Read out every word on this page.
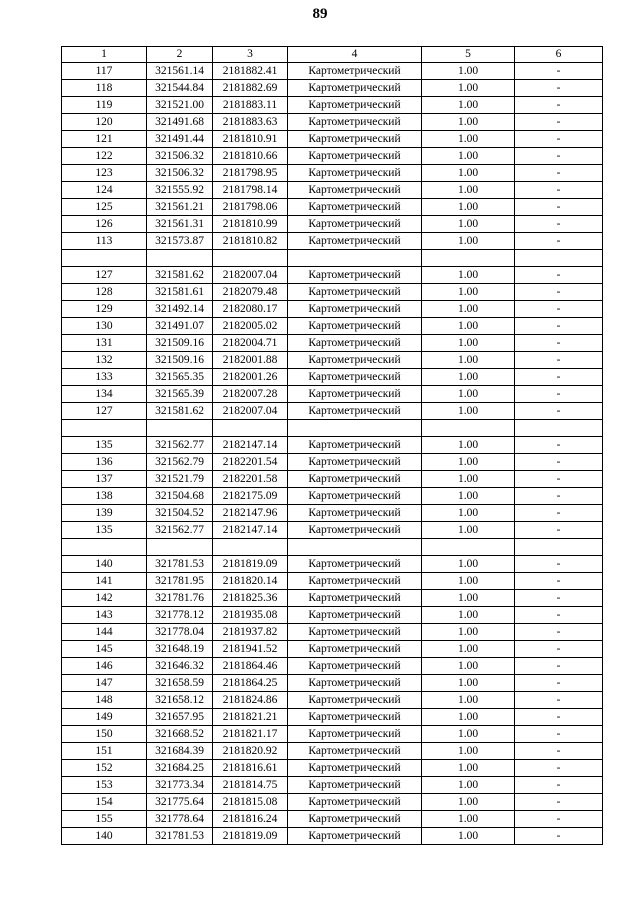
89
1	2	3	4	5	6
117	321561.14	2181882.41	Картометрический	1.00	-
118	321544.84	2181882.69	Картометрический	1.00	-
119	321521.00	2181883.11	Картометрический	1.00	-
120	321491.68	2181883.63	Картометрический	1.00	-
121	321491.44	2181810.91	Картометрический	1.00	-
122	321506.32	2181810.66	Картометрический	1.00	-
123	321506.32	2181798.95	Картометрический	1.00	-
124	321555.92	2181798.14	Картометрический	1.00	-
125	321561.21	2181798.06	Картометрический	1.00	-
126	321561.31	2181810.99	Картометрический	1.00	-
113	321573.87	2181810.82	Картометрический	1.00	-

127	321581.62	2182007.04	Картометрический	1.00	-
128	321581.61	2182079.48	Картометрический	1.00	-
129	321492.14	2182080.17	Картометрический	1.00	-
130	321491.07	2182005.02	Картометрический	1.00	-
131	321509.16	2182004.71	Картометрический	1.00	-
132	321509.16	2182001.88	Картометрический	1.00	-
133	321565.35	2182001.26	Картометрический	1.00	-
134	321565.39	2182007.28	Картометрический	1.00	-
127	321581.62	2182007.04	Картометрический	1.00	-

135	321562.77	2182147.14	Картометрический	1.00	-
136	321562.79	2182201.54	Картометрический	1.00	-
137	321521.79	2182201.58	Картометрический	1.00	-
138	321504.68	2182175.09	Картометрический	1.00	-
139	321504.52	2182147.96	Картометрический	1.00	-
135	321562.77	2182147.14	Картометрический	1.00	-

140	321781.53	2181819.09	Картометрический	1.00	-
141	321781.95	2181820.14	Картометрический	1.00	-
142	321781.76	2181825.36	Картометрический	1.00	-
143	321778.12	2181935.08	Картометрический	1.00	-
144	321778.04	2181937.82	Картометрический	1.00	-
145	321648.19	2181941.52	Картометрический	1.00	-
146	321646.32	2181864.46	Картометрический	1.00	-
147	321658.59	2181864.25	Картометрический	1.00	-
148	321658.12	2181824.86	Картометрический	1.00	-
149	321657.95	2181821.21	Картометрический	1.00	-
150	321668.52	2181821.17	Картометрический	1.00	-
151	321684.39	2181820.92	Картометрический	1.00	-
152	321684.25	2181816.61	Картометрический	1.00	-
153	321773.34	2181814.75	Картометрический	1.00	-
154	321775.64	2181815.08	Картометрический	1.00	-
155	321778.64	2181816.24	Картометрический	1.00	-
140	321781.53	2181819.09	Картометрический	1.00	-
